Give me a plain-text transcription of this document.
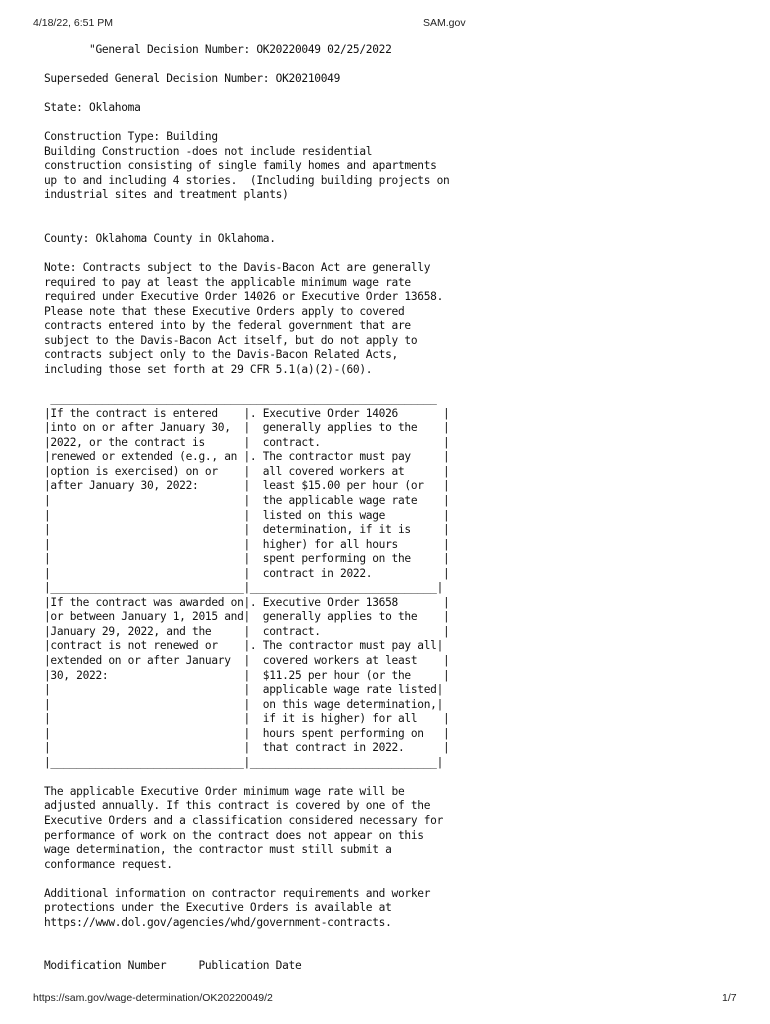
4/18/22, 6:51 PM	SAM.gov
"General Decision Number: OK20220049 02/25/2022
Superseded General Decision Number: OK20210049
State: Oklahoma
Construction Type: Building
Building Construction -does not include residential
construction consisting of single family homes and apartments
up to and including 4 stories.  (Including building projects on
industrial sites and treatment plants)
County: Oklahoma County in Oklahoma.
Note: Contracts subject to the Davis-Bacon Act are generally
required to pay at least the applicable minimum wage rate
required under Executive Order 14026 or Executive Order 13658.
Please note that these Executive Orders apply to covered
contracts entered into by the federal government that are
subject to the Davis-Bacon Act itself, but do not apply to
contracts subject only to the Davis-Bacon Related Acts,
including those set forth at 29 CFR 5.1(a)(2)-(60).
____________________________________________________________
|If the contract is entered    |. Executive Order 14026       |
|into on or after January 30,  |  generally applies to the    |
|2022, or the contract is      |  contract.                   |
|renewed or extended (e.g., an |. The contractor must pay     |
|option is exercised) on or    |  all covered workers at      |
|after January 30, 2022:       |  least $15.00 per hour (or   |
|                              |  the applicable wage rate    |
|                              |  listed on this wage         |
|                              |  determination, if it is     |
|                              |  higher) for all hours       |
|                              |  spent performing on the     |
|                              |  contract in 2022.           |
|______________________________|_____________________________|
|If the contract was awarded on|. Executive Order 13658       |
|or between January 1, 2015 and|  generally applies to the    |
|January 29, 2022, and the     |  contract.                   |
|contract is not renewed or    |. The contractor must pay all|
|extended on or after January  |  covered workers at least    |
|30, 2022:                     |  $11.25 per hour (or the     |
|                              |  applicable wage rate listed|
|                              |  on this wage determination,|
|                              |  if it is higher) for all    |
|                              |  hours spent performing on   |
|                              |  that contract in 2022.      |
|______________________________|_____________________________|
The applicable Executive Order minimum wage rate will be
adjusted annually. If this contract is covered by one of the
Executive Orders and a classification considered necessary for
performance of work on the contract does not appear on this
wage determination, the contractor must still submit a
conformance request.
Additional information on contractor requirements and worker
protections under the Executive Orders is available at
https://www.dol.gov/agencies/whd/government-contracts.
Modification Number     Publication Date
https://sam.gov/wage-determination/OK20220049/2	1/7
